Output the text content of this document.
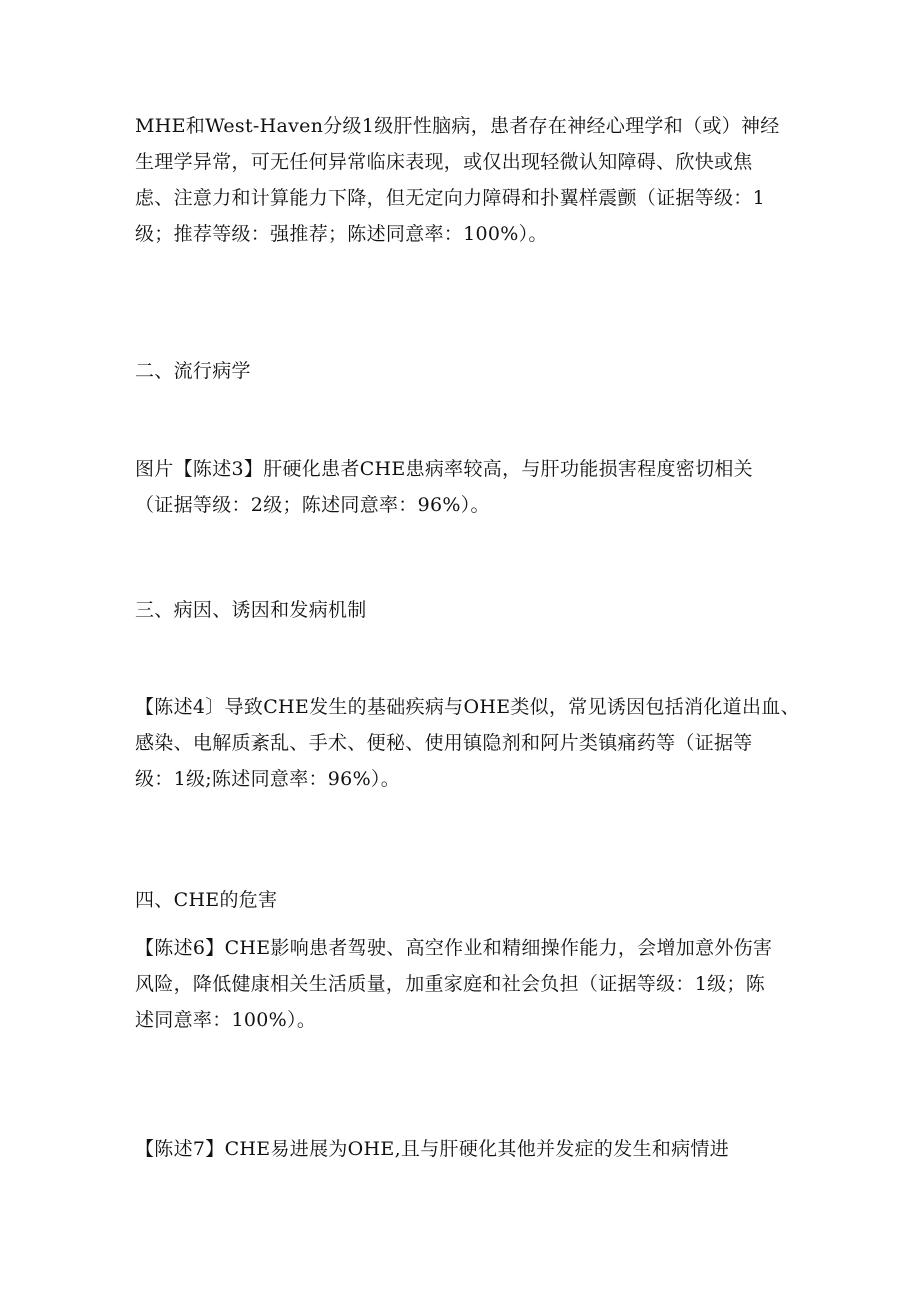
MHE和West-Haven分级1级肝性脑病，患者存在神经心理学和（或）神经
生理学异常，可无任何异常临床表现，或仅出现轻微认知障碍、欣快或焦
虑、注意力和计算能力下降，但无定向力障碍和扑翼样震颤（证据等级：1
级；推荐等级：强推荐；陈述同意率：100%）。
二、流行病学
图片【陈述3】肝硬化患者CHE患病率较高，与肝功能损害程度密切相关
（证据等级：2级；陈述同意率：96%）。
三、病因、诱因和发病机制
【陈述4〕导致CHE发生的基础疾病与OHE类似，常见诱因包括消化道出血、
感染、电解质紊乱、手术、便秘、使用镇隐剂和阿片类镇痛药等（证据等
级：1级;陈述同意率：96%）。
四、CHE的危害
【陈述6】CHE影响患者驾驶、高空作业和精细操作能力，会增加意外伤害
风险，降低健康相关生活质量，加重家庭和社会负担（证据等级：1级；陈
述同意率：100%）。
【陈述7】CHE易进展为OHE,且与肝硬化其他并发症的发生和病情进
